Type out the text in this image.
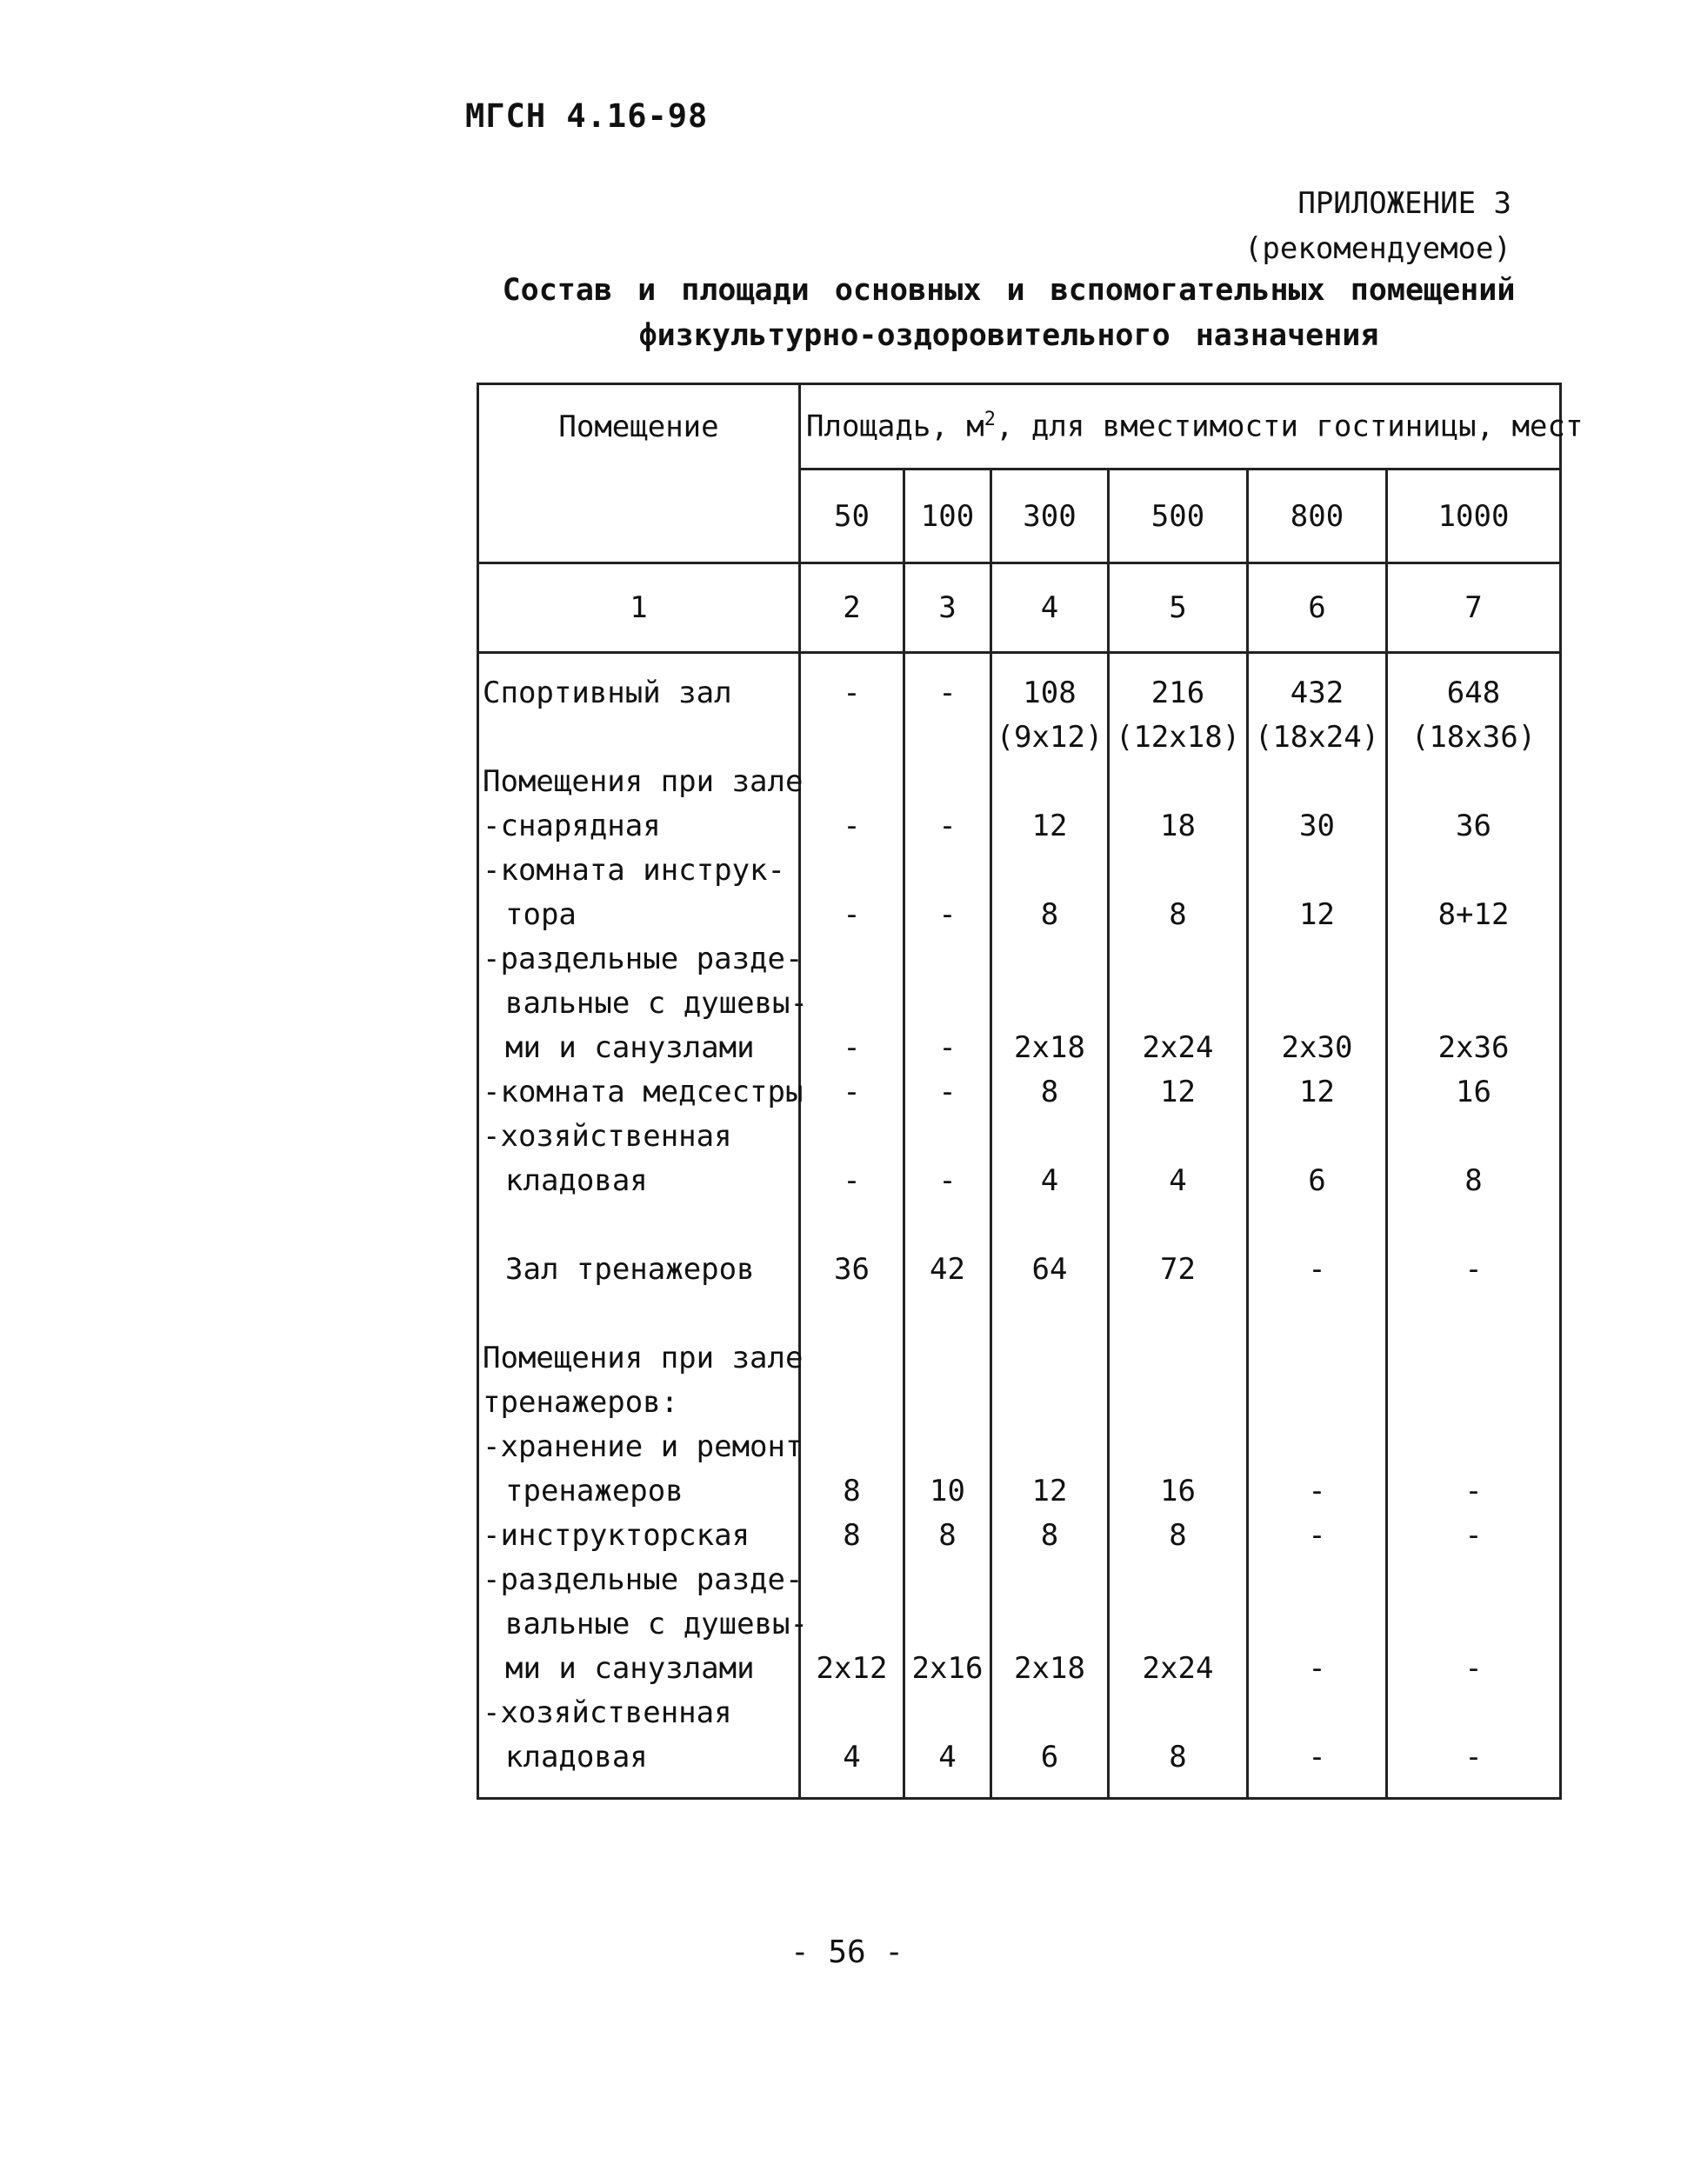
МГСН 4.16-98
ПРИЛОЖЕНИЕ 3
(рекомендуемое)
Состав и площади основных и вспомогательных помещений
физкультурно-оздоровительного назначения
Помещение	Площадь, $м^2$, для вместимости гостиницы, мест					
	50	100	300	500	800	1000
1	2	3	4	5	6	7

Спортивный зал	-	-	108	216	432	648
			(9x12)	(12x18)	(18x24)	(18x36)
Помещения при зале						
-снарядная	-	-	12	18	30	36
-комната инструк-						
тора	-	-	8	8	12	8+12
-раздельные разде-						
вальные с душевы-						
ми и санузлами	-	-	2x18	2x24	2x30	2x36
-комната медсестры	-	-	8	12	12	16
-хозяйственная						
кладовая	-	-	4	4	6	8

Зал тренажеров	36	42	64	72	-	-

Помещения при зале						
тренажеров:						
-хранение и ремонт						
тренажеров	8	10	12	16	-	-
-инструкторская	8	8	8	8	-	-
-раздельные разде-						
вальные с душевы-						
ми и санузлами	2x12	2x16	2x18	2x24	-	-
-хозяйственная						
кладовая	4	4	6	8	-	-

- 56 -
